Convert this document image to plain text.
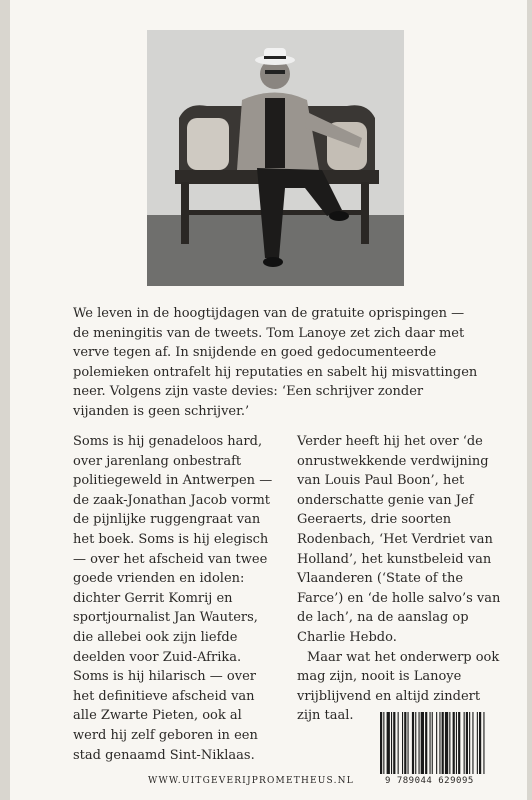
We leven in de hoogtijdagen van de gratuite oprispingen — de meningitis van de tweets. Tom Lanoye zet zich daar met verve tegen af. In snijdende en goed gedocumenteerde polemieken ontrafelt hij reputaties en sabelt hij misvattingen neer. Volgens zijn vaste devies: ‘Een schrijver zonder vijanden is geen schrijver.’

Soms is hij genadeloos hard, over jarenlang onbestraft politiegeweld in Antwerpen — de zaak-Jonathan Jacob vormt de pijnlijke ruggengraat van het boek. Soms is hij elegisch — over het afscheid van twee goede vrienden en idolen: dichter Gerrit Komrij en sportjournalist Jan Wauters, die allebei ook zijn liefde deelden voor Zuid-Afrika. Soms is hij hilarisch — over het definitieve afscheid van alle Zwarte Pieten, ook al werd hij zelf geboren in een stad genaamd Sint-Niklaas.

Verder heeft hij het over ‘de onrustwekkende verdwijning van Louis Paul Boon’, het onderschatte genie van Jef Geeraerts, drie soorten Rodenbach, ‘Het Verdriet van Holland’, het kunstbeleid van Vlaanderen (‘State of the Farce’) en ‘de holle salvo’s van de lach’, na de aanslag op Charlie Hebdo.

Maar wat het onderwerp ook mag zijn, nooit is Lanoye vrijblijvend en altijd zindert zijn taal.

WWW.UITGEVERIJPROMETHEUS.NL	9 789044 629095
